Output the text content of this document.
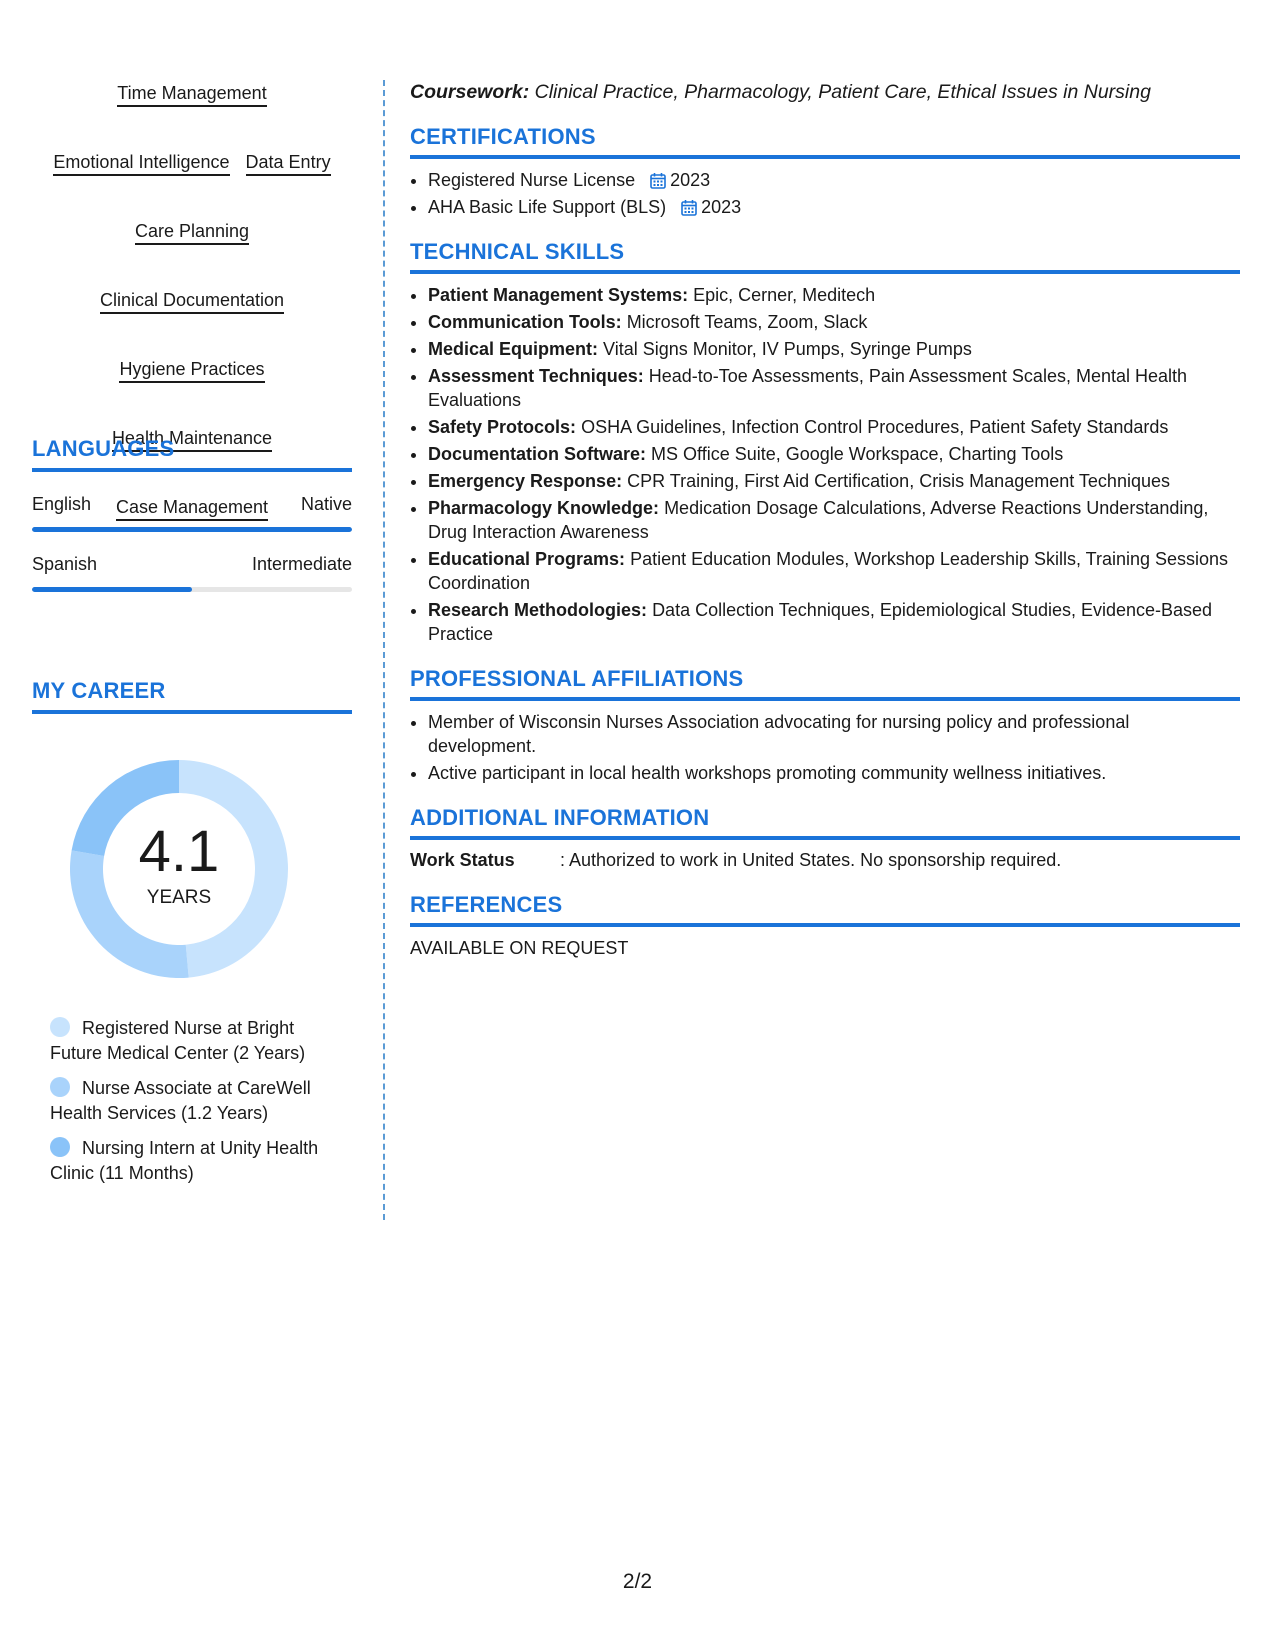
Time Management
Emotional Intelligence Data Entry
Care Planning
Clinical Documentation
Hygiene Practices
Health Maintenance
Case Management
LANGUAGES
English	Native
Spanish	Intermediate
MY CAREER
4.1
YEARS
Registered Nurse at Bright Future Medical Center (2 Years)
Nurse Associate at CareWell Health Services (1.2 Years)
Nursing Intern at Unity Health Clinic (11 Months)
Coursework: Clinical Practice, Pharmacology, Patient Care, Ethical Issues in Nursing
CERTIFICATIONS
• Registered Nurse License 2023
• AHA Basic Life Support (BLS) 2023
TECHNICAL SKILLS
• Patient Management Systems: Epic, Cerner, Meditech
• Communication Tools: Microsoft Teams, Zoom, Slack
• Medical Equipment: Vital Signs Monitor, IV Pumps, Syringe Pumps
• Assessment Techniques: Head-to-Toe Assessments, Pain Assessment Scales, Mental Health Evaluations
• Safety Protocols: OSHA Guidelines, Infection Control Procedures, Patient Safety Standards
• Documentation Software: MS Office Suite, Google Workspace, Charting Tools
• Emergency Response: CPR Training, First Aid Certification, Crisis Management Techniques
• Pharmacology Knowledge: Medication Dosage Calculations, Adverse Reactions Understanding, Drug Interaction Awareness
• Educational Programs: Patient Education Modules, Workshop Leadership Skills, Training Sessions Coordination
• Research Methodologies: Data Collection Techniques, Epidemiological Studies, Evidence-Based Practice
PROFESSIONAL AFFILIATIONS
• Member of Wisconsin Nurses Association advocating for nursing policy and professional development.
• Active participant in local health workshops promoting community wellness initiatives.
ADDITIONAL INFORMATION
Work Status	: Authorized to work in United States. No sponsorship required.
REFERENCES
AVAILABLE ON REQUEST
2/2
